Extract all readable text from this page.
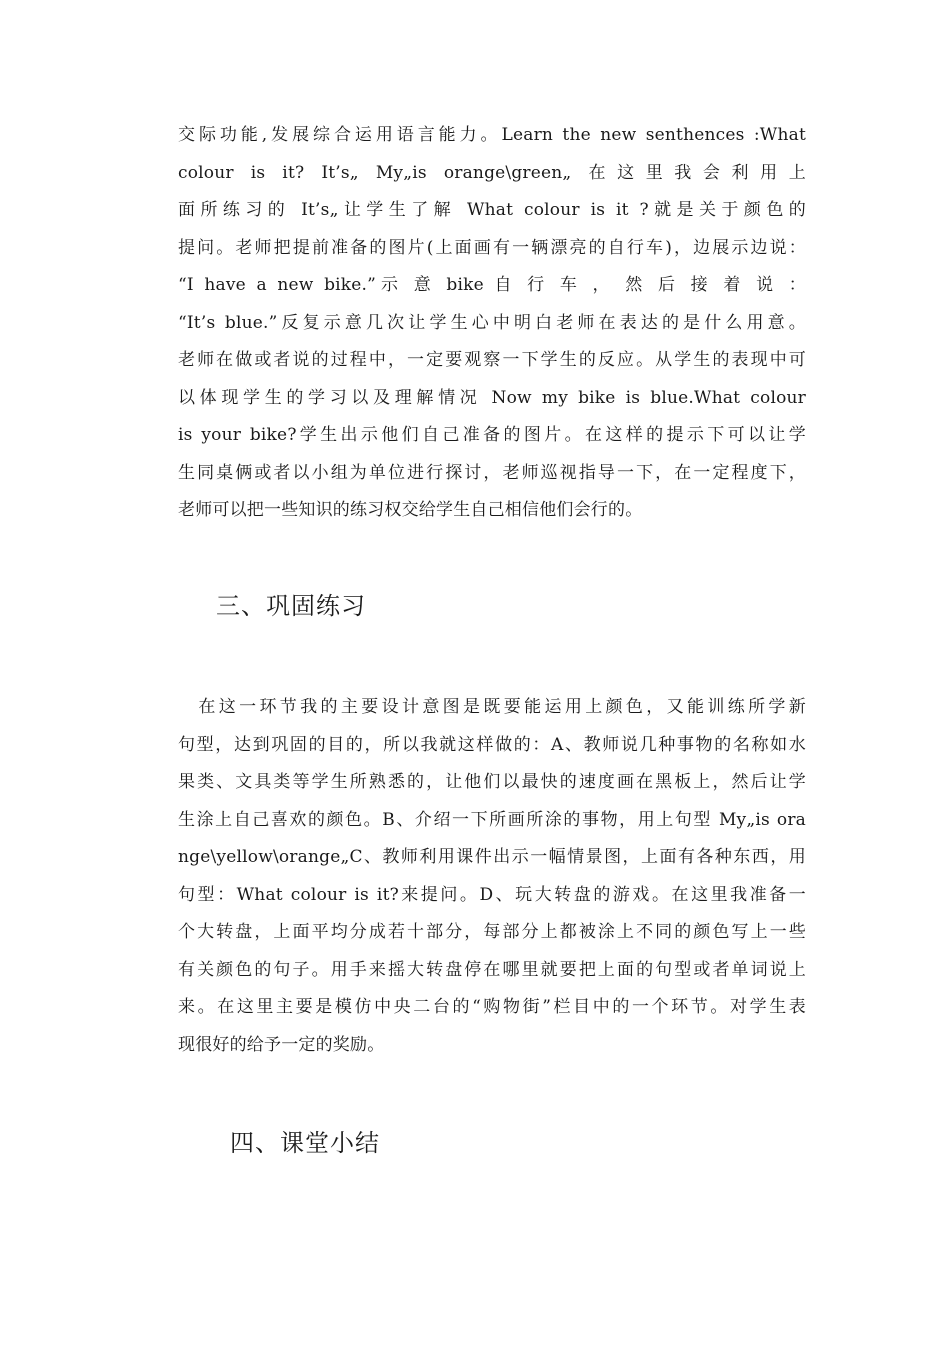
交际功能,发展综合运用语言能力。Learn the new senthences :What
colour is it? It’s„ My„is orange\green„ 在这里我会利用上
面所练习的 It’s„让学生了解 What colour is it ?就是关于颜色的
提问。老师把提前准备的图片(上面画有一辆漂亮的自行车)，边展示边说：
“I have a new bike.”示 意 bike 自 行 车 ， 然 后 接 着 说 ：
“It’s blue.”反复示意几次让学生心中明白老师在表达的是什么用意。
老师在做或者说的过程中，一定要观察一下学生的反应。从学生的表现中可
以体现学生的学习以及理解情况 Now my bike is blue.What colour
is your bike?学生出示他们自己准备的图片。在这样的提示下可以让学
生同桌俩或者以小组为单位进行探讨，老师巡视指导一下，在一定程度下，
老师可以把一些知识的练习权交给学生自己相信他们会行的。
三、巩固练习
　在这一环节我的主要设计意图是既要能运用上颜色，又能训练所学新
句型，达到巩固的目的，所以我就这样做的：A、教师说几种事物的名称如水
果类、文具类等学生所熟悉的，让他们以最快的速度画在黑板上，然后让学
生涂上自己喜欢的颜色。B、介绍一下所画所涂的事物，用上句型 My„is ora
nge\yellow\orange„C、教师利用课件出示一幅情景图，上面有各种东西，用
句型：What colour is it?来提问。D、玩大转盘的游戏。在这里我准备一
个大转盘，上面平均分成若十部分，每部分上都被涂上不同的颜色写上一些
有关颜色的句子。用手来摇大转盘停在哪里就要把上面的句型或者单词说上
来。在这里主要是模仿中央二台的“购物街”栏目中的一个环节。对学生表
现很好的给予一定的奖励。
四、课堂小结
